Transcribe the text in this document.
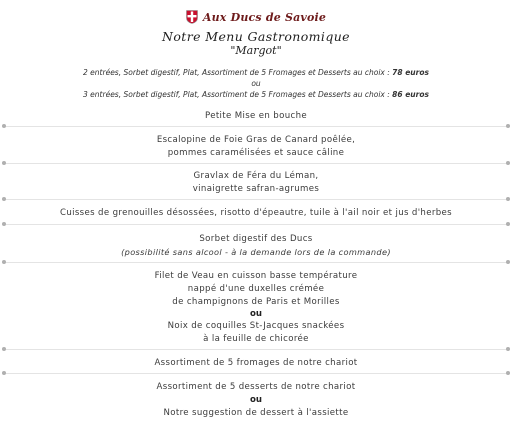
Aux Ducs de Savoie
Notre Menu Gastronomique
"Margot"
2 entrées, Sorbet digestif, Plat, Assortiment de 5 Fromages et Desserts au choix : 78 euros
ou
3 entrées, Sorbet digestif, Plat, Assortiment de 5 Fromages et Desserts au choix : 86 euros
Petite Mise en bouche
Escalopine de Foie Gras de Canard poêlée,
pommes caramélisées et sauce câline
Gravlax de Féra du Léman,
vinaigrette safran-agrumes
Cuisses de grenouilles désossées, risotto d'épeautre, tuile à l'ail noir et jus d'herbes
Sorbet digestif des Ducs
(possibilité sans alcool - à la demande lors de la commande)
Filet de Veau en cuisson basse température
nappé d'une duxelles crémée
de champignons de Paris et Morilles
ou
Noix de coquilles St-Jacques snackées
à la feuille de chicorée
Assortiment de 5 fromages de notre chariot
Assortiment de 5 desserts de notre chariot
ou
Notre suggestion de dessert à l'assiette
